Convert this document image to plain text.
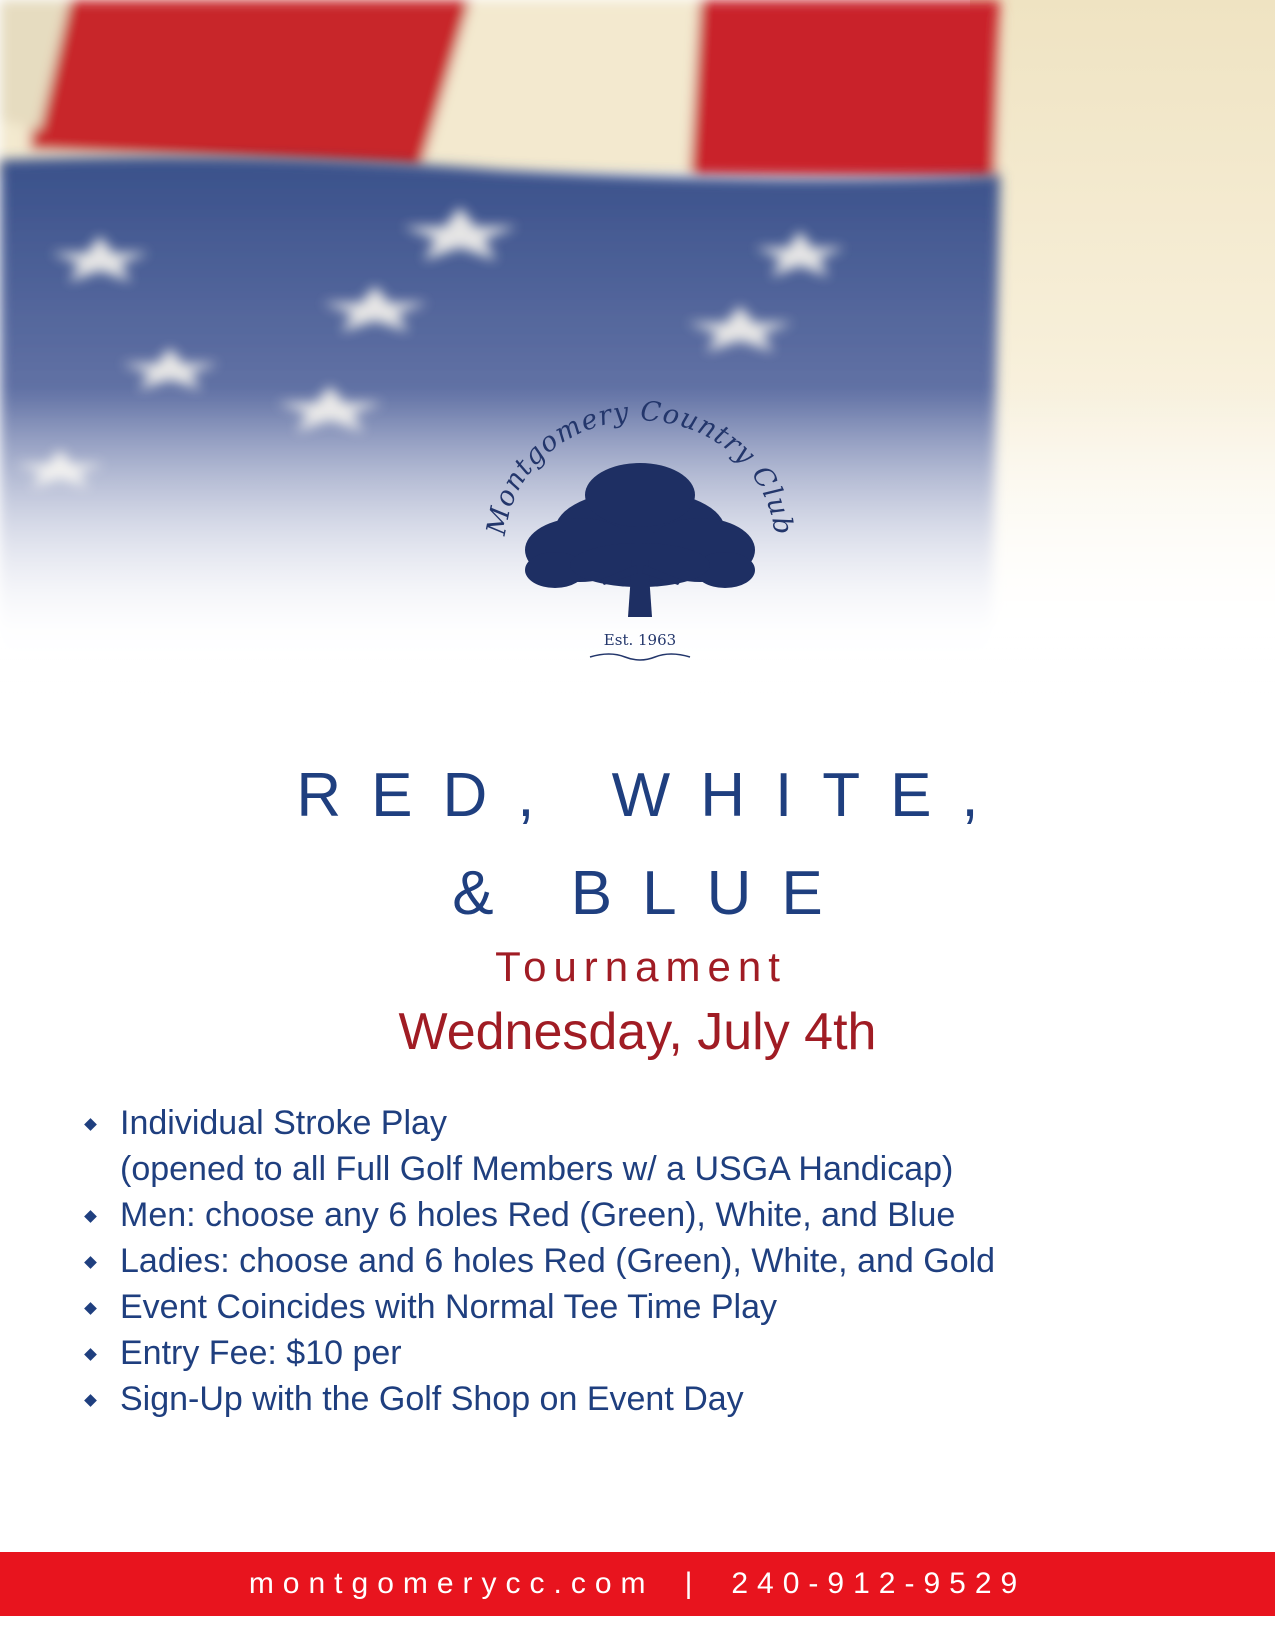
Montgomery Country Club
Est. 1963
RED, WHITE,
& BLUE
Tournament
Wednesday, July 4th
Individual Stroke Play
(opened to all Full Golf Members w/ a USGA Handicap)
Men: choose any 6 holes Red (Green), White, and Blue
Ladies: choose and 6 holes Red (Green), White, and Gold
Event Coincides with Normal Tee Time Play
Entry Fee: $10 per
Sign-Up with the Golf Shop on Event Day
montgomerycc.com | 240-912-9529
